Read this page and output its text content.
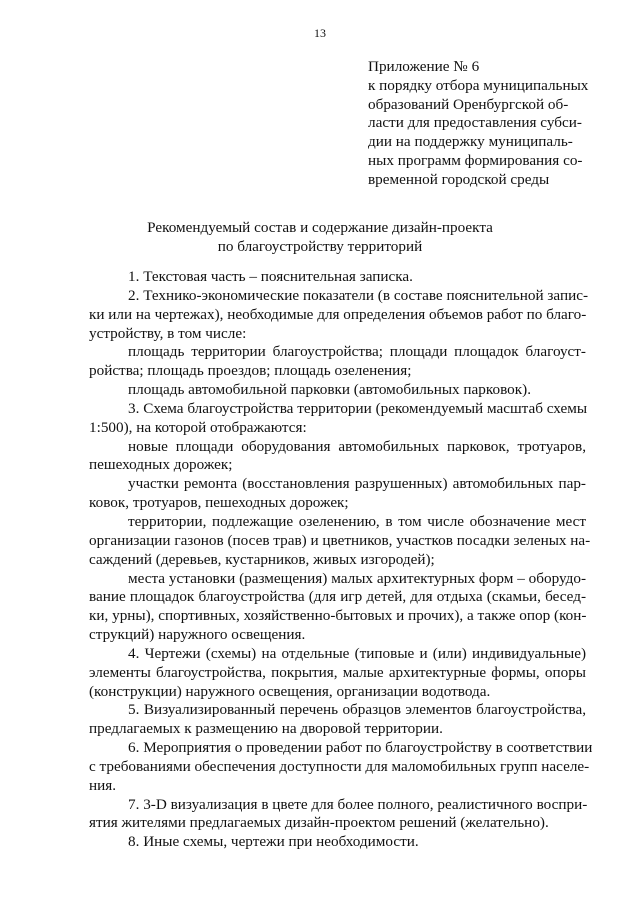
13
Приложение № 6
к порядку отбора муниципальных
образований Оренбургской об-
ласти для предоставления субси-
дии на поддержку муниципаль-
ных программ формирования со-
временной городской среды
Рекомендуемый состав и содержание дизайн-проекта
по благоустройству территорий
1. Текстовая часть – пояснительная записка.
2. Технико-экономические показатели (в составе пояснительной запис-
ки или на чертежах), необходимые для определения объемов работ по благо-
устройству, в том числе:
площадь территории благоустройства; площади площадок благоуст-
ройства; площадь проездов; площадь озеленения;
площадь автомобильной парковки (автомобильных парковок).
3. Схема благоустройства территории (рекомендуемый масштаб схемы
1:500), на которой отображаются:
новые площади оборудования автомобильных парковок, тротуаров,
пешеходных дорожек;
участки ремонта (восстановления разрушенных) автомобильных пар-
ковок, тротуаров, пешеходных дорожек;
территории, подлежащие озеленению, в том числе обозначение мест
организации газонов (посев трав) и цветников, участков посадки зеленых на-
саждений (деревьев, кустарников, живых изгородей);
места установки (размещения) малых архитектурных форм – оборудо-
вание площадок благоустройства (для игр детей, для отдыха (скамьи, бесед-
ки, урны), спортивных, хозяйственно-бытовых и прочих), а также опор (кон-
струкций) наружного освещения.
4. Чертежи (схемы) на отдельные (типовые и (или) индивидуальные)
элементы благоустройства, покрытия, малые архитектурные формы, опоры
(конструкции) наружного освещения, организации водотвода.
5. Визуализированный перечень образцов элементов благоустройства,
предлагаемых к размещению на дворовой территории.
6. Мероприятия о проведении работ по благоустройству в соответствии
с требованиями обеспечения доступности для маломобильных групп населе-
ния.
7. 3-D визуализация в цвете для более полного, реалистичного воспри-
ятия жителями предлагаемых дизайн-проектом решений (желательно).
8. Иные схемы, чертежи при необходимости.
